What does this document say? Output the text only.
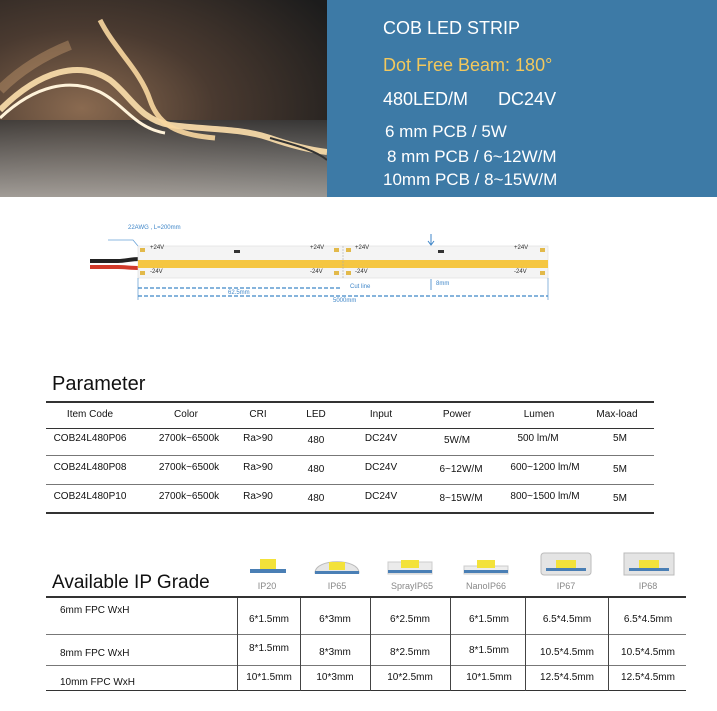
COB LED STRIP
Dot Free Beam: 180°
480LED/M      DC24V
6 mm PCB / 5W
8 mm PCB / 6~12W/M
10mm PCB / 8~15W/M
22AWG , L=200mm
+24V
-24V
+24V
-24V
+24V
-24V
+24V
-24V
Cut line	8mm
62.5mm
5000mm
Parameter
Item Code	Color	CRI	LED	Input	Power	Lumen	Max-load
COB24L480P06	2700k~6500k Ra>90	480	DC24V	5W/M	500 lm/M	5M
COB24L480P08	2700k~6500k Ra>90	480	DC24V	6~12W/M	600~1200 lm/M	5M
COB24L480P10	2700k~6500k Ra>90	480	DC24V	8~15W/M	800~1500 lm/M	5M
Available IP Grade	IP20	IP65	SprayIP65	NanoIP66	IP67	IP68
6mm FPC WxH
6*1.5mm	6*3mm	6*2.5mm	6*1.5mm	6.5*4.5mm	6.5*4.5mm
8mm FPC WxH	8*1.5mm	8*3mm	8*2.5mm	8*1.5mm	10.5*4.5mm	10.5*4.5mm
10mm FPC WxH	10*1.5mm 10*3mm	10*2.5mm	10*1.5mm	12.5*4.5mm	12.5*4.5mm
